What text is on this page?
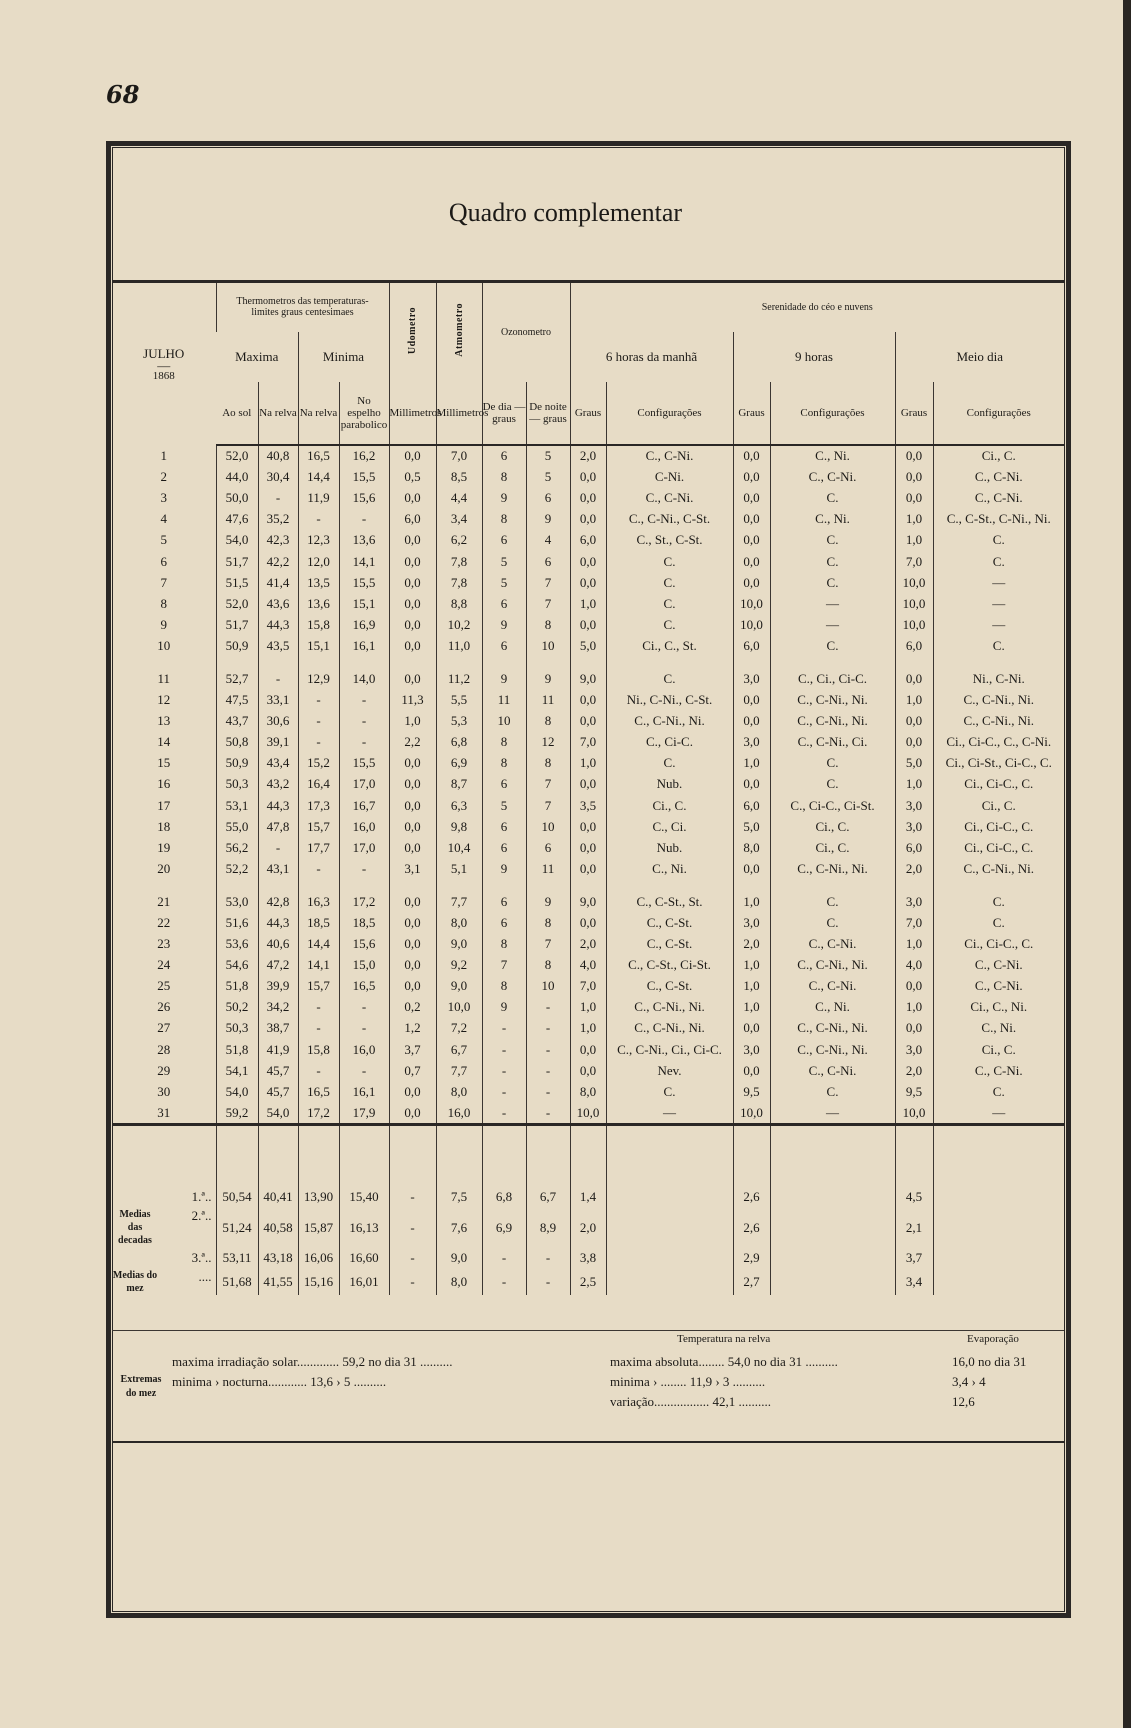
68
Quadro complementar
JULHO
—
1868	Thermometros das temperaturas-limites graus centesimaes				Udometro	Atmometro	Ozonometro		Serenidade do céo e nuvens					
	Maxima		Minima						6 horas da manhã		9 horas		Meio dia	
	Ao sol	Na relva	Na relva	No espelho parabolico	Millimetros	Millimetros	De dia — graus	De noite — graus	Graus	Configurações	Graus	Configurações	Graus	Configurações
1	52,0	40,8	16,5	16,2	0,0	7,0	6	5	2,0	C., C-Ni.	0,0	C., Ni.	0,0	Ci., C.
2	44,0	30,4	14,4	15,5	0,5	8,5	8	5	0,0	C-Ni.	0,0	C., C-Ni.	0,0	C., C-Ni.
3	50,0	-	11,9	15,6	0,0	4,4	9	6	0,0	C., C-Ni.	0,0	C.	0,0	C., C-Ni.
4	47,6	35,2	-	-	6,0	3,4	8	9	0,0	C., C-Ni., C-St.	0,0	C., Ni.	1,0	C., C-St., C-Ni., Ni.
5	54,0	42,3	12,3	13,6	0,0	6,2	6	4	6,0	C., St., C-St.	0,0	C.	1,0	C.
6	51,7	42,2	12,0	14,1	0,0	7,8	5	6	0,0	C.	0,0	C.	7,0	C.
7	51,5	41,4	13,5	15,5	0,0	7,8	5	7	0,0	C.	0,0	C.	10,0	—
8	52,0	43,6	13,6	15,1	0,0	8,8	6	7	1,0	C.	10,0	—	10,0	—
9	51,7	44,3	15,8	16,9	0,0	10,2	9	8	0,0	C.	10,0	—	10,0	—
10	50,9	43,5	15,1	16,1	0,0	11,0	6	10	5,0	Ci., C., St.	6,0	C.	6,0	C.

11	52,7	-	12,9	14,0	0,0	11,2	9	9	9,0	C.	3,0	C., Ci., Ci-C.	0,0	Ni., C-Ni.
12	47,5	33,1	-	-	11,3	5,5	11	11	0,0	Ni., C-Ni., C-St.	0,0	C., C-Ni., Ni.	1,0	C., C-Ni., Ni.
13	43,7	30,6	-	-	1,0	5,3	10	8	0,0	C., C-Ni., Ni.	0,0	C., C-Ni., Ni.	0,0	C., C-Ni., Ni.
14	50,8	39,1	-	-	2,2	6,8	8	12	7,0	C., Ci-C.	3,0	C., C-Ni., Ci.	0,0	Ci., Ci-C., C., C-Ni.
15	50,9	43,4	15,2	15,5	0,0	6,9	8	8	1,0	C.	1,0	C.	5,0	Ci., Ci-St., Ci-C., C.
16	50,3	43,2	16,4	17,0	0,0	8,7	6	7	0,0	Nub.	0,0	C.	1,0	Ci., Ci-C., C.
17	53,1	44,3	17,3	16,7	0,0	6,3	5	7	3,5	Ci., C.	6,0	C., Ci-C., Ci-St.	3,0	Ci., C.
18	55,0	47,8	15,7	16,0	0,0	9,8	6	10	0,0	C., Ci.	5,0	Ci., C.	3,0	Ci., Ci-C., C.
19	56,2	-	17,7	17,0	0,0	10,4	6	6	0,0	Nub.	8,0	Ci., C.	6,0	Ci., Ci-C., C.
20	52,2	43,1	-	-	3,1	5,1	9	11	0,0	C., Ni.	0,0	C., C-Ni., Ni.	2,0	C., C-Ni., Ni.

21	53,0	42,8	16,3	17,2	0,0	7,7	6	9	9,0	C., C-St., St.	1,0	C.	3,0	C.
22	51,6	44,3	18,5	18,5	0,0	8,0	6	8	0,0	C., C-St.	3,0	C.	7,0	C.
23	53,6	40,6	14,4	15,6	0,0	9,0	8	7	2,0	C., C-St.	2,0	C., C-Ni.	1,0	Ci., Ci-C., C.
24	54,6	47,2	14,1	15,0	0,0	9,2	7	8	4,0	C., C-St., Ci-St.	1,0	C., C-Ni., Ni.	4,0	C., C-Ni.
25	51,8	39,9	15,7	16,5	0,0	9,0	8	10	7,0	C., C-St.	1,0	C., C-Ni.	0,0	C., C-Ni.
26	50,2	34,2	-	-	0,2	10,0	9	-	1,0	C., C-Ni., Ni.	1,0	C., Ni.	1,0	Ci., C., Ni.
27	50,3	38,7	-	-	1,2	7,2	-	-	1,0	C., C-Ni., Ni.	0,0	C., C-Ni., Ni.	0,0	C., Ni.
28	51,8	41,9	15,8	16,0	3,7	6,7	-	-	0,0	C., C-Ni., Ci., Ci-C.	3,0	C., C-Ni., Ni.	3,0	Ci., C.
29	54,1	45,7	-	-	0,7	7,7	-	-	0,0	Nev.	0,0	C., C-Ni.	2,0	C., C-Ni.
30	54,0	45,7	16,5	16,1	0,0	8,0	-	-	8,0	C.	9,5	C.	9,5	C.
31	59,2	54,0	17,2	17,9	0,0	16,0	-	-	10,0	—	10,0	—	10,0	—

1.ª..	50,54	40,41	13,90	15,40	-	7,5	6,8	6,7	1,4		2,6		4,5	

Medias das decadas
2.ª..	51,24	40,58	15,87	16,13	-	7,6	6,9	8,9	2,0		2,6		2,1	
3.ª..	53,11	43,18	16,06	16,60	-	9,0	-	-	3,8		2,9		3,7	

Medias do mez
....	51,68	41,55	15,16	16,01	-	8,0	-	-	2,5		2,7		3,4	
Temperatura na relva	Evaporação
Extremas do mez
maxima irradiação solar............. 59,2 no dia 31 ..........	maxima absoluta........ 54,0 no dia 31 ..........	16,0 no dia 31
minima › nocturna............ 13,6 › 5 ..........	minima › ........ 11,9 › 3 ..........	3,4 › 4
variação................. 42,1 ..........	12,6
